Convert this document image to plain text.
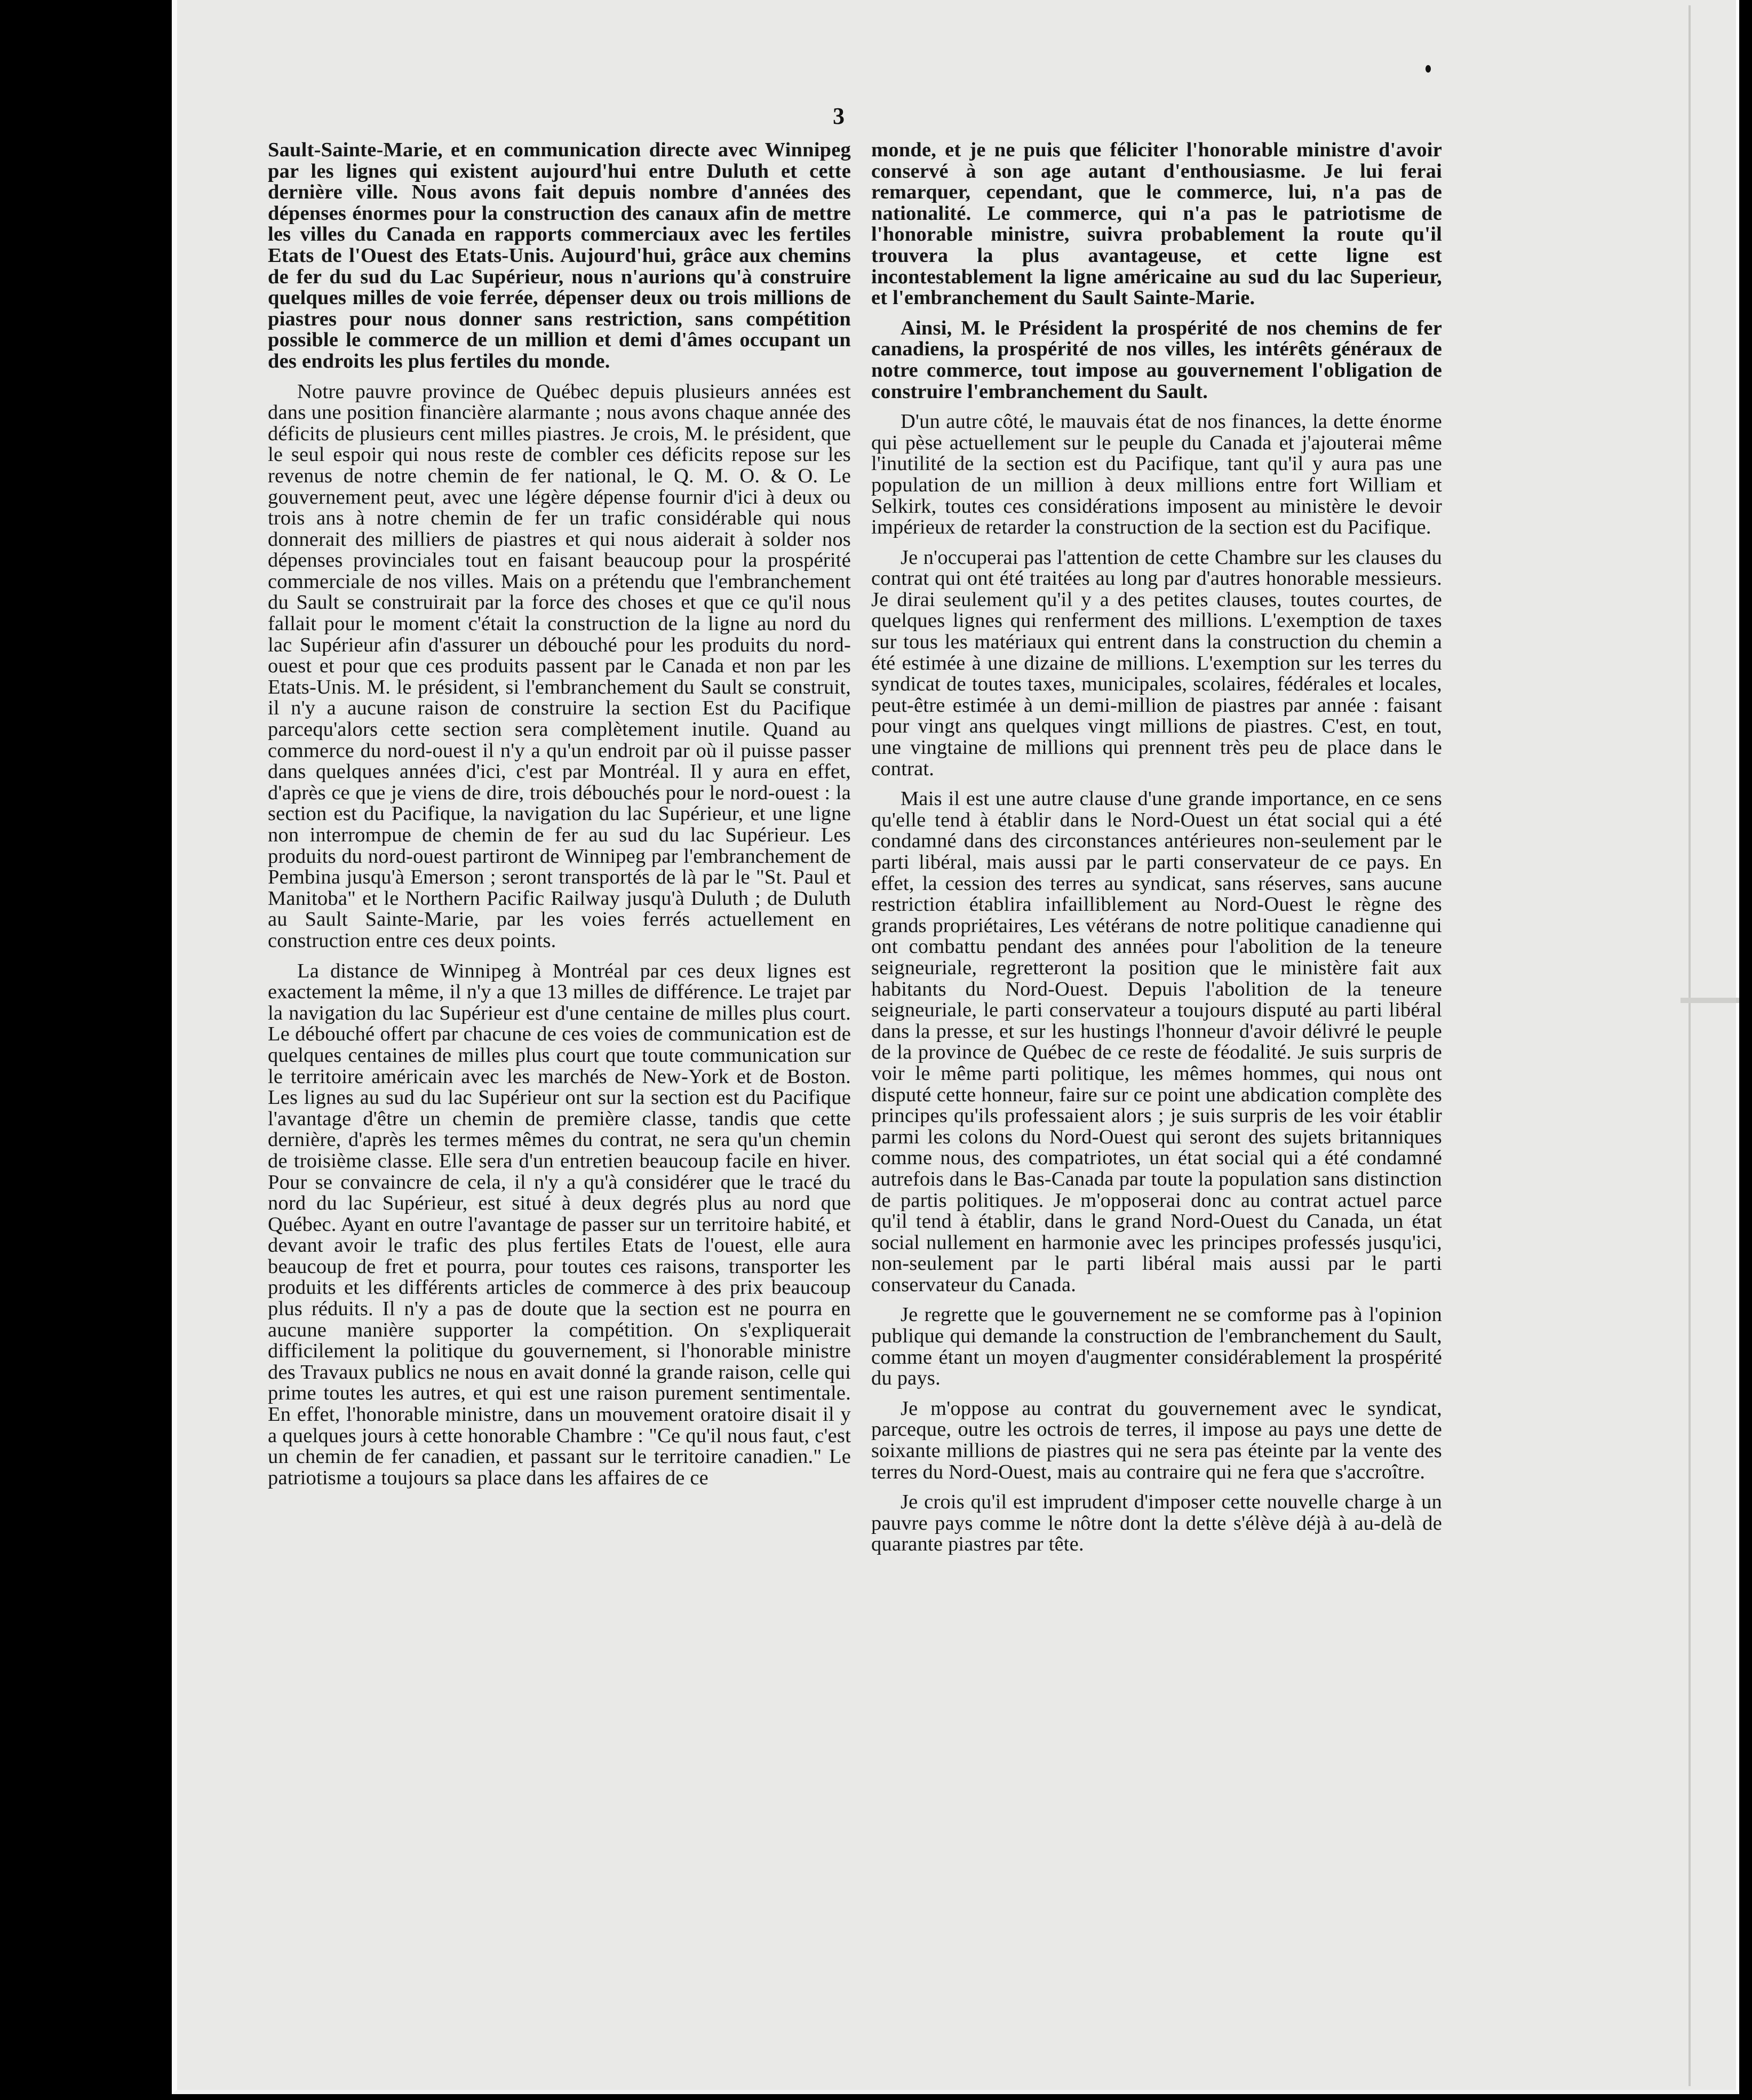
3

Sault-Sainte-Marie, et en communication directe avec Winnipeg par les lignes qui existent aujourd'hui entre Duluth et cette dernière ville. Nous avons fait depuis nombre d'années des dépenses énormes pour la construction des canaux afin de mettre les villes du Canada en rapports commerciaux avec les fertiles Etats de l'Ouest des Etats-Unis. Aujourd'hui, grâce aux chemins de fer du sud du Lac Supérieur, nous n'aurions qu'à construire quelques milles de voie ferrée, dépenser deux ou trois millions de piastres pour nous donner sans restriction, sans compétition possible le commerce de un million et demi d'âmes occupant un des endroits les plus fertiles du monde.

Notre pauvre province de Québec depuis plusieurs années est dans une position financière alarmante ; nous avons chaque année des déficits de plusieurs cent milles piastres. Je crois, M. le président, que le seul espoir qui nous reste de combler ces déficits repose sur les revenus de notre chemin de fer national, le Q. M. O. & O. Le gouvernement peut, avec une légère dépense fournir d'ici à deux ou trois ans à notre chemin de fer un trafic considérable qui nous donnerait des milliers de piastres et qui nous aiderait à solder nos dépenses provinciales tout en faisant beaucoup pour la prospérité commerciale de nos villes. Mais on a prétendu que l'embranchement du Sault se construirait par la force des choses et que ce qu'il nous fallait pour le moment c'était la construction de la ligne au nord du lac Supérieur afin d'assurer un débouché pour les produits du nord-ouest et pour que ces produits passent par le Canada et non par les Etats-Unis. M. le président, si l'embranchement du Sault se construit, il n'y a aucune raison de construire la section Est du Pacifique parcequ'alors cette section sera complètement inutile. Quand au commerce du nord-ouest il n'y a qu'un endroit par où il puisse passer dans quelques années d'ici, c'est par Montréal. Il y aura en effet, d'après ce que je viens de dire, trois débouchés pour le nord-ouest : la section est du Pacifique, la navigation du lac Supérieur, et une ligne non interrompue de chemin de fer au sud du lac Supérieur. Les produits du nord-ouest partiront de Winnipeg par l'embranchement de Pembina jusqu'à Emerson ; seront transportés de là par le "St. Paul et Manitoba" et le Northern Pacific Railway jusqu'à Duluth ; de Duluth au Sault Sainte-Marie, par les voies ferrés actuellement en construction entre ces deux points.

La distance de Winnipeg à Montréal par ces deux lignes est exactement la même, il n'y a que 13 milles de différence. Le trajet par la navigation du lac Supérieur est d'une centaine de milles plus court. Le débouché offert par chacune de ces voies de communication est de quelques centaines de milles plus court que toute communication sur le territoire américain avec les marchés de New-York et de Boston. Les lignes au sud du lac Supérieur ont sur la section est du Pacifique l'avantage d'être un chemin de première classe, tandis que cette dernière, d'après les termes mêmes du contrat, ne sera qu'un chemin de troisième classe. Elle sera d'un entretien beaucoup facile en hiver. Pour se convaincre de cela, il n'y a qu'à considérer que le tracé du nord du lac Supérieur, est situé à deux degrés plus au nord que Québec. Ayant en outre l'avantage de passer sur un territoire habité, et devant avoir le trafic des plus fertiles Etats de l'ouest, elle aura beaucoup de fret et pourra, pour toutes ces raisons, transporter les produits et les différents articles de commerce à des prix beaucoup plus réduits. Il n'y a pas de doute que la section est ne pourra en aucune manière supporter la compétition. On s'expliquerait difficilement la politique du gouvernement, si l'honorable ministre des Travaux publics ne nous en avait donné la grande raison, celle qui prime toutes les autres, et qui est une raison purement sentimentale. En effet, l'honorable ministre, dans un mouvement oratoire disait il y a quelques jours à cette honorable Chambre : "Ce qu'il nous faut, c'est un chemin de fer canadien, et passant sur le territoire canadien." Le patriotisme a toujours sa place dans les affaires de ce

monde, et je ne puis que féliciter l'honorable ministre d'avoir conservé à son age autant d'enthousiasme. Je lui ferai remarquer, cependant, que le commerce, lui, n'a pas de nationalité. Le commerce, qui n'a pas le patriotisme de l'honorable ministre, suivra probablement la route qu'il trouvera la plus avantageuse, et cette ligne est incontestablement la ligne américaine au sud du lac Superieur, et l'embranchement du Sault Sainte-Marie.

Ainsi, M. le Président la prospérité de nos chemins de fer canadiens, la prospérité de nos villes, les intérêts généraux de notre commerce, tout impose au gouvernement l'obligation de construire l'embranchement du Sault.

D'un autre côté, le mauvais état de nos finances, la dette énorme qui pèse actuellement sur le peuple du Canada et j'ajouterai même l'inutilité de la section est du Pacifique, tant qu'il y aura pas une population de un million à deux millions entre fort William et Selkirk, toutes ces considérations imposent au ministère le devoir impérieux de retarder la construction de la section est du Pacifique.

Je n'occuperai pas l'attention de cette Chambre sur les clauses du contrat qui ont été traitées au long par d'autres honorable messieurs. Je dirai seulement qu'il y a des petites clauses, toutes courtes, de quelques lignes qui renferment des millions. L'exemption de taxes sur tous les matériaux qui entrent dans la construction du chemin a été estimée à une dizaine de millions. L'exemption sur les terres du syndicat de toutes taxes, municipales, scolaires, fédérales et locales, peut-être estimée à un demi-million de piastres par année : faisant pour vingt ans quelques vingt millions de piastres. C'est, en tout, une vingtaine de millions qui prennent très peu de place dans le contrat.

Mais il est une autre clause d'une grande importance, en ce sens qu'elle tend à établir dans le Nord-Ouest un état social qui a été condamné dans des circonstances antérieures non-seulement par le parti libéral, mais aussi par le parti conservateur de ce pays. En effet, la cession des terres au syndicat, sans réserves, sans aucune restriction établira infailliblement au Nord-Ouest le règne des grands propriétaires, Les vétérans de notre politique canadienne qui ont combattu pendant des années pour l'abolition de la teneure seigneuriale, regretteront la position que le ministère fait aux habitants du Nord-Ouest. Depuis l'abolition de la teneure seigneuriale, le parti conservateur a toujours disputé au parti libéral dans la presse, et sur les hustings l'honneur d'avoir délivré le peuple de la province de Québec de ce reste de féodalité. Je suis surpris de voir le même parti politique, les mêmes hommes, qui nous ont disputé cette honneur, faire sur ce point une abdication complète des principes qu'ils professaient alors ; je suis surpris de les voir établir parmi les colons du Nord-Ouest qui seront des sujets britanniques comme nous, des compatriotes, un état social qui a été condamné autrefois dans le Bas-Canada par toute la population sans distinction de partis politiques. Je m'opposerai donc au contrat actuel parce qu'il tend à établir, dans le grand Nord-Ouest du Canada, un état social nullement en harmonie avec les principes professés jusqu'ici, non-seulement par le parti libéral mais aussi par le parti conservateur du Canada.

Je regrette que le gouvernement ne se comforme pas à l'opinion publique qui demande la construction de l'embranchement du Sault, comme étant un moyen d'augmenter considérablement la prospérité du pays.

Je m'oppose au contrat du gouvernement avec le syndicat, parceque, outre les octrois de terres, il impose au pays une dette de soixante millions de piastres qui ne sera pas éteinte par la vente des terres du Nord-Ouest, mais au contraire qui ne fera que s'accroître.

Je crois qu'il est imprudent d'imposer cette nouvelle charge à un pauvre pays comme le nôtre dont la dette s'élève déjà à au-delà de quarante piastres par tête.
